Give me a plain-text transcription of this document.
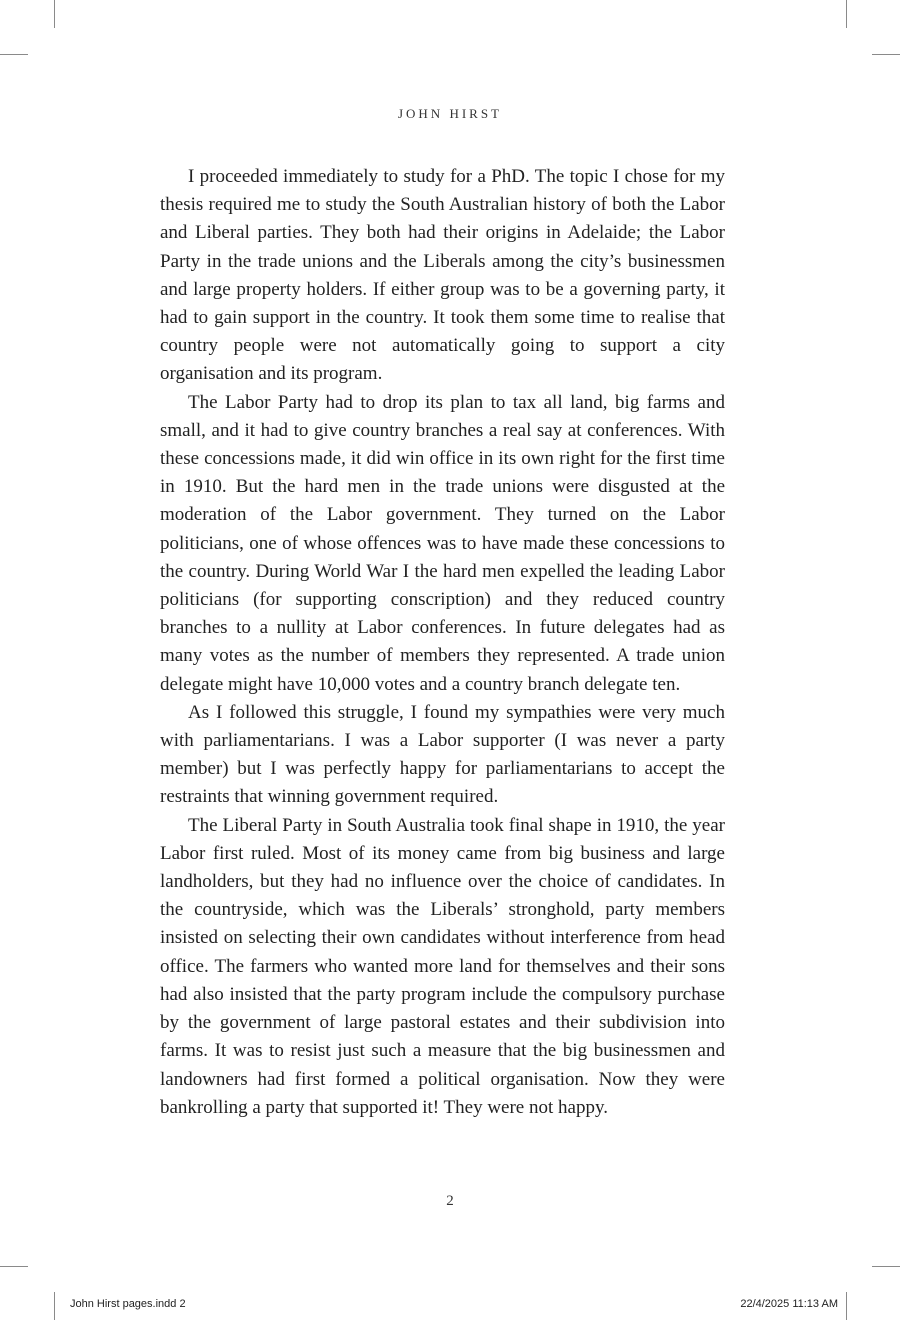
JOHN HIRST

I proceeded immediately to study for a PhD. The topic I chose for my thesis required me to study the South Australian history of both the Labor and Liberal parties. They both had their origins in Adelaide; the Labor Party in the trade unions and the Liberals among the city’s businessmen and large property holders. If either group was to be a governing party, it had to gain support in the country. It took them some time to realise that country people were not automatically going to support a city organisation and its program.

The Labor Party had to drop its plan to tax all land, big farms and small, and it had to give country branches a real say at conferences. With these concessions made, it did win office in its own right for the first time in 1910. But the hard men in the trade unions were disgusted at the moderation of the Labor government. They turned on the Labor politicians, one of whose offences was to have made these concessions to the country. During World War I the hard men expelled the leading Labor politicians (for supporting conscription) and they reduced country branches to a nullity at Labor conferences. In future delegates had as many votes as the number of members they represented. A trade union delegate might have 10,000 votes and a country branch delegate ten.

As I followed this struggle, I found my sympathies were very much with parliamentarians. I was a Labor supporter (I was never a party member) but I was perfectly happy for parliamentarians to accept the restraints that winning government required.

The Liberal Party in South Australia took final shape in 1910, the year Labor first ruled. Most of its money came from big business and large landholders, but they had no influence over the choice of candidates. In the countryside, which was the Liberals’ stronghold, party members insisted on selecting their own candidates without interference from head office. The farmers who wanted more land for themselves and their sons had also insisted that the party program include the compulsory purchase by the government of large pastoral estates and their subdivision into farms. It was to resist just such a measure that the big businessmen and landowners had first formed a political organisation. Now they were bankrolling a party that supported it! They were not happy.

2
John Hirst pages.indd 2	22/4/2025 11:13 AM
